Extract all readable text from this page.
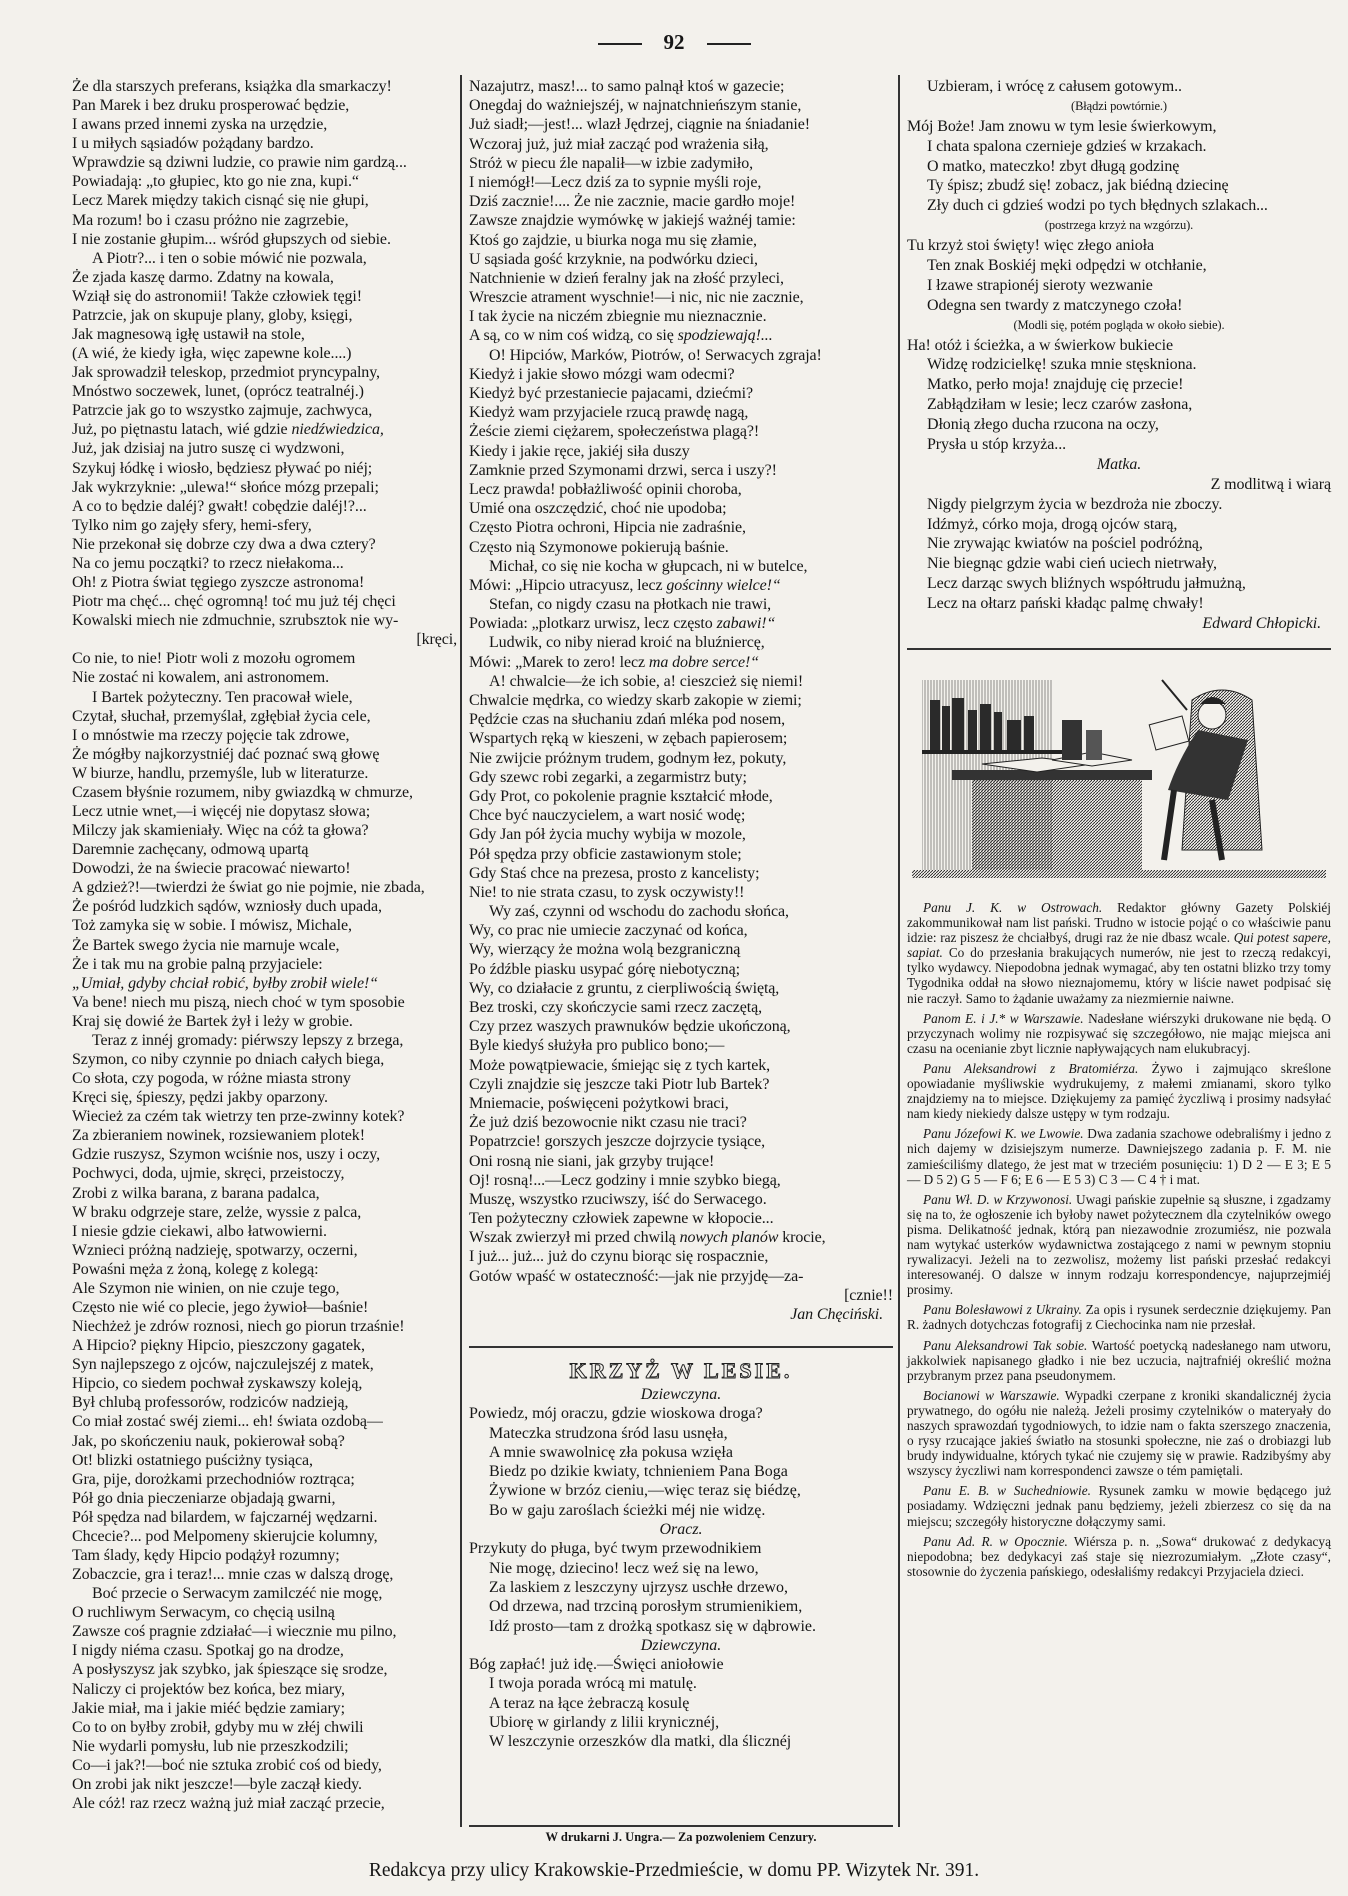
92
Że dla starszych preferans, książka dla smarkaczy!
Pan Marek i bez druku prosperować będzie,
I awans przed innemi zyska na urzędzie,
I u miłych sąsiadów pożądany bardzo.
Wprawdzie są dziwni ludzie, co prawie nim gardzą...
Powiadają: „to głupiec, kto go nie zna, kupi.“
Lecz Marek między takich cisnąć się nie głupi,
Ma rozum! bo i czasu próżno nie zagrzebie,
I nie zostanie głupim... wśród głupszych od siebie.
A Piotr?... i ten o sobie mówić nie pozwala,
Że zjada kaszę darmo. Zdatny na kowala,
Wziął się do astronomii! Także człowiek tęgi!
Patrzcie, jak on skupuje plany, globy, księgi,
Jak magnesową igłę ustawił na stole,
(A wié, że kiedy igła, więc zapewne kole....)
Jak sprowadził teleskop, przedmiot pryncypalny,
Mnóstwo soczewek, lunet, (oprócz teatralnéj.)
Patrzcie jak go to wszystko zajmuje, zachwyca,
Już, po piętnastu latach, wié gdzie niedźwiedzica,
Już, jak dzisiaj na jutro suszę ci wydzwoni,
Szykuj łódkę i wiosło, będziesz pływać po niéj;
Jak wykrzyknie: „ulewa!“ słońce mózg przepali;
A co to będzie daléj? gwałt! cobędzie daléj!?...
Tylko nim go zajęły sfery, hemi-sfery,
Nie przekonał się dobrze czy dwa a dwa cztery?
Na co jemu początki? to rzecz niełakoma...
Oh! z Piotra świat tęgiego zyszcze astronoma!
Piotr ma chęć... chęć ogromną! toć mu już téj chęci
Kowalski miech nie zdmuchnie, szrubsztok nie wy-
[kręci,
Co nie, to nie! Piotr woli z mozołu ogromem
Nie zostać ni kowalem, ani astronomem.
I Bartek pożyteczny. Ten pracował wiele,
Czytał, słuchał, przemyślał, zgłębiał życia cele,
I o mnóstwie ma rzeczy pojęcie tak zdrowe,
Że mógłby najkorzystniéj dać poznać swą głowę
W biurze, handlu, przemyśle, lub w literaturze.
Czasem błyśnie rozumem, niby gwiazdką w chmurze,
Lecz utnie wnet,—i więcéj nie dopytasz słowa;
Milczy jak skamieniały. Więc na cóż ta głowa?
Daremnie zachęcany, odmową upartą
Dowodzi, że na świecie pracować niewarto!
A gdzież?!—twierdzi że świat go nie pojmie, nie zbada,
Że pośród ludzkich sądów, wzniosły duch upada,
Toż zamyka się w sobie. I mówisz, Michale,
Że Bartek swego życia nie marnuje wcale,
Że i tak mu na grobie palną przyjaciele:
„Umiał, gdyby chciał robić, byłby zrobił wiele!“
Va bene! niech mu piszą, niech choć w tym sposobie
Kraj się dowié że Bartek żył i leży w grobie.
Teraz z innéj gromady: piérwszy lepszy z brzega,
Szymon, co niby czynnie po dniach całych biega,
Co słota, czy pogoda, w różne miasta strony
Kręci się, śpieszy, pędzi jakby oparzony.
Wiecież za czém tak wietrzy ten prze-zwinny kotek?
Za zbieraniem nowinek, rozsiewaniem plotek!
Gdzie ruszysz, Szymon wciśnie nos, uszy i oczy,
Pochwyci, doda, ujmie, skręci, przeistoczy,
Zrobi z wilka barana, z barana padalca,
W braku odgrzeje stare, zelże, wyssie z palca,
I niesie gdzie ciekawi, albo łatwowierni.
Wznieci próżną nadzieję, spotwarzy, oczerni,
Powaśni męża z żoną, kolegę z kolegą:
Ale Szymon nie winien, on nie czuje tego,
Często nie wié co plecie, jego żywioł—baśnie!
Niechżeż je zdrów roznosi, niech go piorun trzaśnie!
A Hipcio? piękny Hipcio, pieszczony gagatek,
Syn najlepszego z ojców, najczulejszéj z matek,
Hipcio, co siedem pochwał zyskawszy koleją,
Był chlubą professorów, rodziców nadzieją,
Co miał zostać swéj ziemi... eh! świata ozdobą—
Jak, po skończeniu nauk, pokierował sobą?
Ot! blizki ostatniego puściżny tysiąca,
Gra, pije, dorożkami przechodniów roztrąca;
Pół go dnia pieczeniarze objadają gwarni,
Pół spędza nad bilardem, w fajczarnéj wędzarni.
Chcecie?... pod Melpomeny skierujcie kolumny,
Tam ślady, kędy Hipcio podążył rozumny;
Zobaczcie, gra i teraz!... mnie czas w dalszą drogę,
Boć przecie o Serwacym zamilczéć nie mogę,
O ruchliwym Serwacym, co chęcią usilną
Zawsze coś pragnie zdziałać—i wiecznie mu pilno,
I nigdy niéma czasu. Spotkaj go na drodze,
A posłyszysz jak szybko, jak śpieszące się srodze,
Naliczy ci projektów bez końca, bez miary,
Jakie miał, ma i jakie miéć będzie zamiary;
Co to on byłby zrobił, gdyby mu w złéj chwili
Nie wydarli pomysłu, lub nie przeszkodzili;
Co—i jak?!—boć nie sztuka zrobić coś od biedy,
On zrobi jak nikt jeszcze!—byle zaczął kiedy.
Ale cóż! raz rzecz ważną już miał zacząć przecie,
Nazajutrz, masz!... to samo palnął ktoś w gazecie;
Onegdaj do ważniejszéj, w najnatchnieńszym stanie,
Już siadł;—jest!... wlazł Jędrzej, ciągnie na śniadanie!
Wczoraj już, już miał zacząć pod wrażenia siłą,
Stróż w piecu źle napalił—w izbie zadymiło,
I niemógł!—Lecz dziś za to sypnie myśli roje,
Dziś zacznie!.... Że nie zacznie, macie gardło moje!
Zawsze znajdzie wymówkę w jakiejś ważnéj tamie:
Ktoś go zajdzie, u biurka noga mu się złamie,
U sąsiada gość krzyknie, na podwórku dzieci,
Natchnienie w dzień feralny jak na złość przyleci,
Wreszcie atrament wyschnie!—i nic, nic nie zacznie,
I tak życie na niczém zbiegnie mu nieznacznie.
A są, co w nim coś widzą, co się spodziewają!...
O! Hipciów, Marków, Piotrów, o! Serwacych zgraja!
Kiedyż i jakie słowo mózgi wam odecmi?
Kiedyż być przestaniecie pajacami, dziećmi?
Kiedyż wam przyjaciele rzucą prawdę nagą,
Żeście ziemi ciężarem, społeczeństwa plagą?!
Kiedy i jakie ręce, jakiéj siła duszy
Zamknie przed Szymonami drzwi, serca i uszy?!
Lecz prawda! pobłażliwość opinii choroba,
Umié ona oszczędzić, choć nie upodoba;
Często Piotra ochroni, Hipcia nie zadraśnie,
Często nią Szymonowe pokierują baśnie.
Michał, co się nie kocha w głupcach, ni w butelce,
Mówi: „Hipcio utracyusz, lecz gościnny wielce!“
Stefan, co nigdy czasu na płotkach nie trawi,
Powiada: „plotkarz urwisz, lecz często zabawi!“
Ludwik, co niby nierad kroić na bluźniercę,
Mówi: „Marek to zero! lecz ma dobre serce!“
A! chwalcie—że ich sobie, a! cieszcież się niemi!
Chwalcie mędrka, co wiedzy skarb zakopie w ziemi;
Pędźcie czas na słuchaniu zdań mléka pod nosem,
Wspartych ręką w kieszeni, w zębach papierosem;
Nie zwijcie próżnym trudem, godnym łez, pokuty,
Gdy szewc robi zegarki, a zegarmistrz buty;
Gdy Prot, co pokolenie pragnie kształcić młode,
Chce być nauczycielem, a wart nosić wodę;
Gdy Jan pół życia muchy wybija w mozole,
Pół spędza przy obficie zastawionym stole;
Gdy Staś chce na prezesa, prosto z kancelisty;
Nie! to nie strata czasu, to zysk oczywisty!!
Wy zaś, czynni od wschodu do zachodu słońca,
Wy, co prac nie umiecie zaczynać od końca,
Wy, wierzący że można wolą bezgraniczną
Po źdźble piasku usypać górę niebotyczną;
Wy, co działacie z gruntu, z cierpliwością świętą,
Bez troski, czy skończycie sami rzecz zaczętą,
Czy przez waszych prawnuków będzie ukończoną,
Byle kiedyś służyła pro publico bono;—
Może powątpiewacie, śmiejąc się z tych kartek,
Czyli znajdzie się jeszcze taki Piotr lub Bartek?
Mniemacie, poświęceni pożytkowi braci,
Że już dziś bezowocnie nikt czasu nie traci?
Popatrzcie! gorszych jeszcze dojrzycie tysiące,
Oni rosną nie siani, jak grzyby trujące!
Oj! rosną!...—Lecz godziny i mnie szybko biegą,
Muszę, wszystko rzuciwszy, iść do Serwacego.
Ten pożyteczny człowiek zapewne w kłopocie...
Wszak zwierzył mi przed chwilą nowych planów krocie,
I już... już... już do czynu biorąc się rospacznie,
Gotów wpaść w ostateczność:—jak nie przyjdę—za-
[cznie!!
Jan Chęciński.
KRZYŻ W LESIE.
Dziewczyna.
Powiedz, mój oraczu, gdzie wioskowa droga?
Mateczka strudzona śród lasu usnęła,
A mnie swawolnicę zła pokusa wzięła
Biedz po dzikie kwiaty, tchnieniem Pana Boga
Żywione w brzóz cieniu,—więc teraz się biédzę,
Bo w gaju zaroślach ścieżki méj nie widzę.
Oracz.
Przykuty do pługa, być twym przewodnikiem
Nie mogę, dziecino! lecz weź się na lewo,
Za laskiem z leszczyny ujrzysz uschłe drzewo,
Od drzewa, nad trzciną porosłym strumienikiem,
Idź prosto—tam z drożką spotkasz się w dąbrowie.
Dziewczyna.
Bóg zapłać! już idę.—Święci aniołowie
I twoja porada wrócą mi matulę.
A teraz na łące żebraczą kosulę
Ubiorę w girlandy z lilii krynicznéj,
W leszczynie orzeszków dla matki, dla ślicznéj
Uzbieram, i wrócę z całusem gotowym..
(Błądzi powtórnie.)
Mój Boże! Jam znowu w tym lesie świerkowym,
I chata spalona czernieje gdzieś w krzakach.
O matko, mateczko! zbyt długą godzinę
Ty śpisz; zbudź się! zobacz, jak biédną dziecinę
Zły duch ci gdzieś wodzi po tych błędnych szlakach...
(postrzega krzyż na wzgórzu).
Tu krzyż stoi święty! więc złego anioła
Ten znak Boskiéj męki odpędzi w otchłanie,
I łzawe strapionéj sieroty wezwanie
Odegna sen twardy z matczynego czoła!
(Modli się, potém pogląda w około siebie).
Ha! otóż i ścieżka, a w świerkow bukiecie
Widzę rodzicielkę! szuka mnie stęskniona.
Matko, perło moja! znajduję cię przecie!
Zabłądziłam w lesie; lecz czarów zasłona,
Dłonią złego ducha rzucona na oczy,
Prysła u stóp krzyża...
Matka.
Z modlitwą i wiarą
Nigdy pielgrzym życia w bezdroża nie zboczy.
Idźmyż, córko moja, drogą ojców starą,
Nie zrywając kwiatów na pościel podróżną,
Nie biegnąc gdzie wabi cień uciech nietrwały,
Lecz darząc swych bliźnych współtrudu jałmużną,
Lecz na ołtarz pański kładąc palmę chwały!
Edward Chłopicki.

Panu J. K. w Ostrowach. Redaktor główny Gazety Polskiéj zakommunikował nam list pański. Trudno w istocie pojąć o co właściwie panu idzie: raz piszesz że chciałbyś, drugi raz że nie dbasz wcale. Qui potest sapere, sapiat. Co do przesłania brakujących numerów, nie jest to rzeczą redakcyi, tylko wydawcy. Niepodobna jednak wymagać, aby ten ostatni blizko trzy tomy Tygodnika oddał na słowo nieznajomemu, który w liście nawet podpisać się nie raczył. Samo to żądanie uważamy za niezmiernie naiwne.

Panom E. i J.* w Warszawie. Nadesłane wiérszyki drukowane nie będą. O przyczynach wolimy nie rozpisywać się szczegółowo, nie mając miejsca ani czasu na ocenianie zbyt licznie napływających nam elukubracyj.

Panu Aleksandrowi z Bratomiérza. Żywo i zajmująco skreślone opowiadanie myśliwskie wydrukujemy, z małemi zmianami, skoro tylko znajdziemy na to miejsce. Dziękujemy za pamięć życzliwą i prosimy nadsyłać nam kiedy niekiedy dalsze ustępy w tym rodzaju.

Panu Józefowi K. we Lwowie. Dwa zadania szachowe odebraliśmy i jedno z nich dajemy w dzisiejszym numerze. Dawniejszego zadania p. F. M. nie zamieściliśmy dlatego, że jest mat w trzeciém posunięciu: 1) D 2 — E 3; E 5 — D 5 2) G 5 — F 6; E 6 — E 5 3) C 3 — C 4 † i mat.

Panu Wł. D. w Krzywonosi. Uwagi pańskie zupełnie są słuszne, i zgadzamy się na to, że ogłoszenie ich byłoby nawet pożytecznem dla czytelników owego pisma. Delikatność jednak, którą pan niezawodnie zrozumiész, nie pozwala nam wytykać usterków wydawnictwa zostającego z nami w pewnym stopniu rywalizacyi. Jeżeli na to zezwolisz, możemy list pański przesłać redakcyi interesowanéj. O dalsze w innym rodzaju korrespondencye, najuprzejmiéj prosimy.

Panu Bolesławowi z Ukrainy. Za opis i rysunek serdecznie dziękujemy. Pan R. żadnych dotychczas fotografij z Ciechocinka nam nie przesłał.

Panu Aleksandrowi Tak sobie. Wartość poetycką nadesłanego nam utworu, jakkolwiek napisanego gładko i nie bez uczucia, najtrafniéj określić można przybranym przez pana pseudonymem.

Bocianowi w Warszawie. Wypadki czerpane z kroniki skandalicznéj życia prywatnego, do ogółu nie należą. Jeżeli prosimy czytelników o materyały do naszych sprawozdań tygodniowych, to idzie nam o fakta szerszego znaczenia, o rysy rzucające jakieś światło na stosunki społeczne, nie zaś o drobiazgi lub brudy indywidualne, których tykać nie czujemy się w prawie. Radzibyśmy aby wszyscy życzliwi nam korrespondenci zawsze o tém pamiętali.

Panu E. B. w Suchedniowie. Rysunek zamku w mowie będącego już posiadamy. Wdzięczni jednak panu będziemy, jeżeli zbierzesz co się da na miejscu; szczegóły historyczne dołączymy sami.

Panu Ad. R. w Opocznie. Wiérsza p. n. „Sowa“ drukować z dedykacyą niepodobna; bez dedykacyi zaś staje się niezrozumiałym. „Złote czasy“, stosownie do życzenia pańskiego, odesłaliśmy redakcyi Przyjaciela dzieci.

W drukarni J. Ungra.— Za pozwoleniem Cenzury.
Redakcya przy ulicy Krakowskie-Przedmieście, w domu PP. Wizytek Nr. 391.
